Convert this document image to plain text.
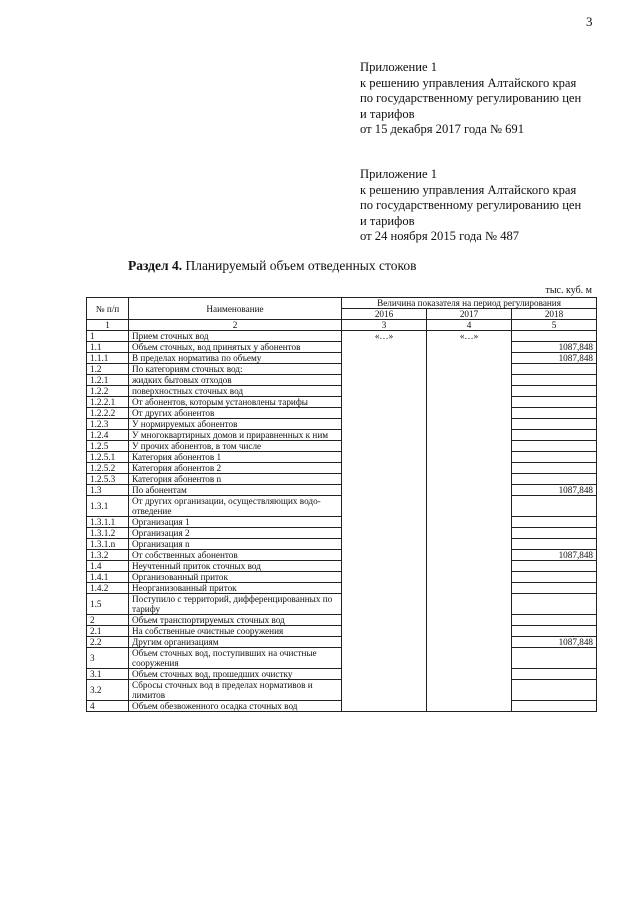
3
Приложение 1
к решению управления Алтайского края
по государственному регулированию цен
и тарифов
от 15 декабря 2017 года № 691
Приложение 1
к решению управления Алтайского края
по государственному регулированию цен
и тарифов
от 24 ноября 2015 года № 487
Раздел 4. Планируемый объем отведенных стоков
тыс. куб. м
№ п/п	Наименование	Величина показателя на период регулирования		
		2016	2017	2018
1	2	3	4	5
1	Прием сточных вод	«…»	«…»	
1.1	Объем сточных, вод принятых у абонентов			1087,848
1.1.1	В пределах норматива по объему			1087,848
1.2	По категориям сточных вод:			
1.2.1	жидких бытовых отходов			
1.2.2	поверхностных сточных вод			
1.2.2.1	От абонентов, которым установлены тарифы			
1.2.2.2	От других абонентов			
1.2.3	У нормируемых абонентов			
1.2.4	У многоквартирных домов и приравненных к ним			
1.2.5	У прочих абонентов, в том числе			
1.2.5.1	Категория абонентов 1			
1.2.5.2	Категория абонентов 2			
1.2.5.3	Категория абонентов n			
1.3	По абонентам			1087,848
1.3.1	От других организации, осуществляющих водо-отведение			
1.3.1.1	Организация 1			
1.3.1.2	Организация 2			
1.3.1.n	Организация n			
1.3.2	От собственных абонентов			1087,848
1.4	Неучтенный приток сточных вод			
1.4.1	Организованный приток			
1.4.2	Неорганизованный приток			
1.5	Поступило с территорий, дифференцированных по тарифу			
2	Объем транспортируемых сточных вод			
2.1	На собственные очистные сооружения			
2.2	Другим организациям			1087,848
3	Объем сточных вод, поступивших на очистные сооружения			
3.1	Объем сточных вод, прошедших очистку			
3.2	Сбросы сточных вод в пределах нормативов и лимитов			
4	Объем обезвоженного осадка сточных вод			
